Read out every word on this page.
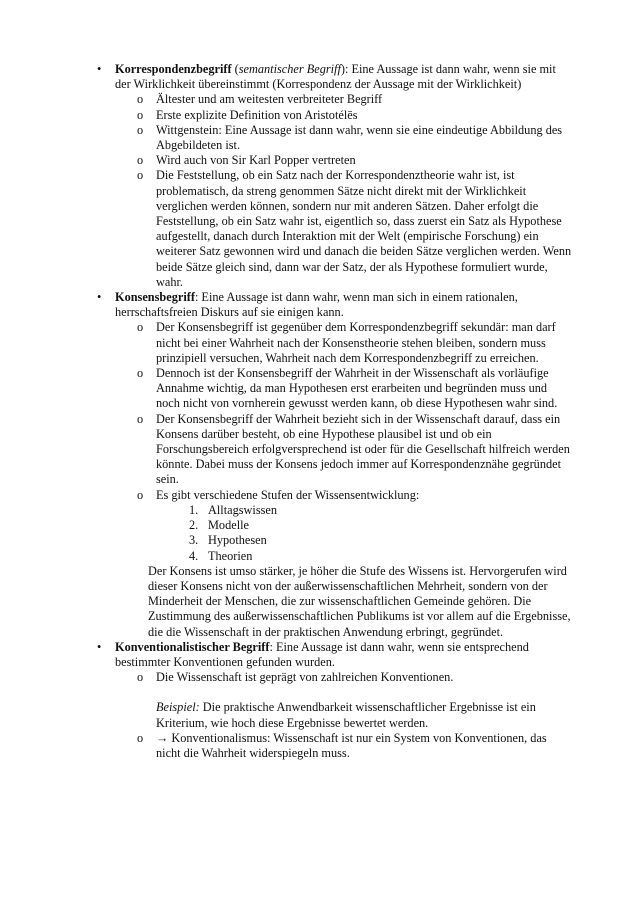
•	Korrespondenzbegriff (semantischer Begriff): Eine Aussage ist dann wahr, wenn sie mit der Wirklichkeit übereinstimmt (Korrespondenz der Aussage mit der Wirklichkeit)

o Ältester und am weitesten verbreiteter Begriff

o Erste explizite Definition von Aristotélēs

o Wittgenstein: Eine Aussage ist dann wahr, wenn sie eine eindeutige Abbildung des Abgebildeten ist.

o Wird auch von Sir Karl Popper vertreten

o Die Feststellung, ob ein Satz nach der Korrespondenztheorie wahr ist, ist problematisch, da streng genommen Sätze nicht direkt mit der Wirklichkeit verglichen werden können, sondern nur mit anderen Sätzen. Daher erfolgt die Feststellung, ob ein Satz wahr ist, eigentlich so, dass zuerst ein Satz als Hypothese aufgestellt, danach durch Interaktion mit der Welt (empirische Forschung) ein weiterer Satz gewonnen wird und danach die beiden Sätze verglichen werden. Wenn beide Sätze gleich sind, dann war der Satz, der als Hypothese formuliert wurde, wahr.

•	Konsensbegriff: Eine Aussage ist dann wahr, wenn man sich in einem rationalen, herrschaftsfreien Diskurs auf sie einigen kann.

o Der Konsensbegriff ist gegenüber dem Korrespondenzbegriff sekundär: man darf nicht bei einer Wahrheit nach der Konsenstheorie stehen bleiben, sondern muss prinzipiell versuchen, Wahrheit nach dem Korrespondenzbegriff zu erreichen.

o Dennoch ist der Konsensbegriff der Wahrheit in der Wissenschaft als vorläufige Annahme wichtig, da man Hypothesen erst erarbeiten und begründen muss und noch nicht von vornherein gewusst werden kann, ob diese Hypothesen wahr sind.

o Der Konsensbegriff der Wahrheit bezieht sich in der Wissenschaft darauf, dass ein Konsens darüber besteht, ob eine Hypothese plausibel ist und ob ein Forschungsbereich erfolgversprechend ist oder für die Gesellschaft hilfreich werden könnte. Dabei muss der Konsens jedoch immer auf Korrespondenznähe gegründet sein.

o Es gibt verschiedene Stufen der Wissensentwicklung:

1. Alltagswissen

2. Modelle

3. Hypothesen

4. Theorien

Der Konsens ist umso stärker, je höher die Stufe des Wissens ist. Hervorgerufen wird dieser Konsens nicht von der außerwissenschaftlichen Mehrheit, sondern von der Minderheit der Menschen, die zur wissenschaftlichen Gemeinde gehören. Die Zustimmung des außerwissenschaftlichen Publikums ist vor allem auf die Ergebnisse, die die Wissenschaft in der praktischen Anwendung erbringt, gegründet.

•	Konventionalistischer Begriff: Eine Aussage ist dann wahr, wenn sie entsprechend bestimmter Konventionen gefunden wurden.

o Die Wissenschaft ist geprägt von zahlreichen Konventionen.

Beispiel: Die praktische Anwendbarkeit wissenschaftlicher Ergebnisse ist ein Kriterium, wie hoch diese Ergebnisse bewertet werden.

o → Konventionalismus: Wissenschaft ist nur ein System von Konventionen, das nicht die Wahrheit widerspiegeln muss.
